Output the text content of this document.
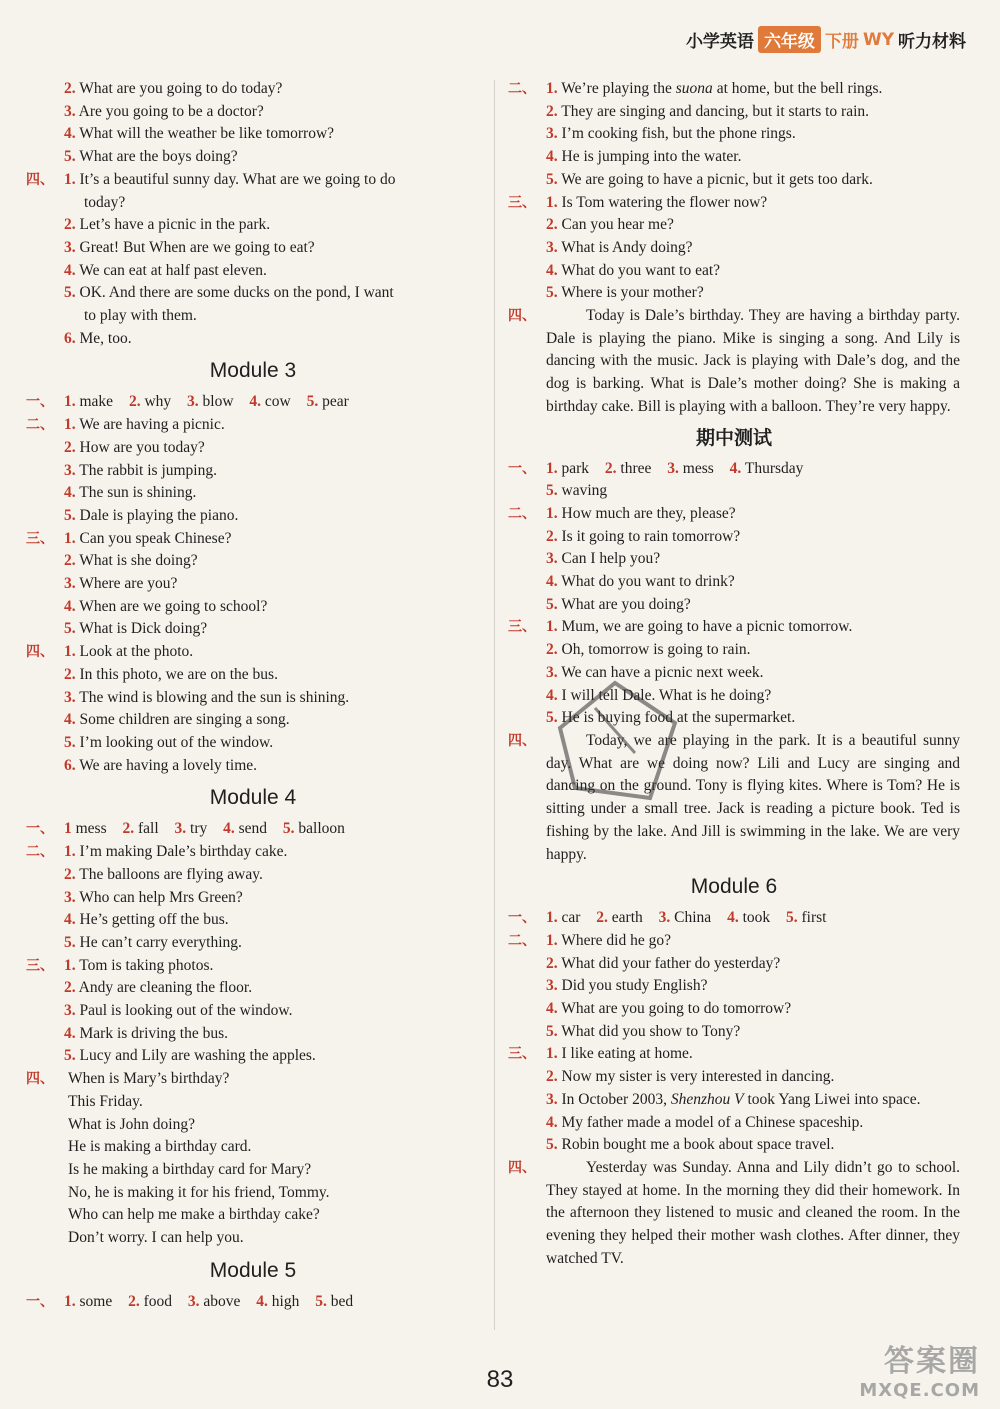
小学英语 六年级 下册 WY 听力材料
2. What are you going to do today?
3. Are you going to be a doctor?
4. What will the weather be like tomorrow?
5. What are the boys doing?
四、 1. It’s a beautiful sunny day. What are we going to do
today?
2. Let’s have a picnic in the park.
3. Great! But When are we going to eat?
4. We can eat at half past eleven.
5. OK. And there are some ducks on the pond, I want
to play with them.
6. Me, too.
Module 3
一、 1. make 2. why 3. blow 4. cow 5. pear
二、 1. We are having a picnic.
2. How are you today?
3. The rabbit is jumping.
4. The sun is shining.
5. Dale is playing the piano.
三、 1. Can you speak Chinese?
2. What is she doing?
3. Where are you?
4. When are we going to school?
5. What is Dick doing?
四、 1. Look at the photo.
2. In this photo, we are on the bus.
3. The wind is blowing and the sun is shining.
4. Some children are singing a song.
5. I’m looking out of the window.
6. We are having a lovely time.
Module 4
一、 1 mess 2. fall 3. try 4. send 5. balloon
二、 1. I’m making Dale’s birthday cake.
2. The balloons are flying away.
3. Who can help Mrs Green?
4. He’s getting off the bus.
5. He can’t carry everything.
三、 1. Tom is taking photos.
2. Andy are cleaning the floor.
3. Paul is looking out of the window.
4. Mark is driving the bus.
5. Lucy and Lily are washing the apples.
四、 When is Mary’s birthday?
This Friday.
What is John doing?
He is making a birthday card.
Is he making a birthday card for Mary?
No, he is making it for his friend, Tommy.
Who can help me make a birthday cake?
Don’t worry. I can help you.
Module 5
一、 1. some 2. food 3. above 4. high 5. bed
二、 1. We’re playing the suona at home, but the bell rings.
2. They are singing and dancing, but it starts to rain.
3. I’m cooking fish, but the phone rings.
4. He is jumping into the water.
5. We are going to have a picnic, but it gets too dark.
三、 1. Is Tom watering the flower now?
2. Can you hear me?
3. What is Andy doing?
4. What do you want to eat?
5. Where is your mother?
四、	Today is Dale’s birthday. They are having a birthday party. Dale is playing the piano. Mike is singing a song. And Lily is dancing with the music. Jack is playing with Dale’s dog, and the dog is barking. What is Dale’s mother doing? She is making a birthday cake. Bill is playing with a balloon. They’re very happy.
期中测试
一、 1. park 2. three 3. mess 4. Thursday
5. waving
二、 1. How much are they, please?
2. Is it going to rain tomorrow?
3. Can I help you?
4. What do you want to drink?
5. What are you doing?
三、 1. Mum, we are going to have a picnic tomorrow.
2. Oh, tomorrow is going to rain.
3. We can have a picnic next week.
4. I will tell Dale. What is he doing?
5. He is buying food at the supermarket.
四、	Today, we are playing in the park. It is a beautiful sunny day. What are we doing now? Lili and Lucy are singing and dancing on the ground. Tony is flying kites. Where is Tom? He is sitting under a small tree. Jack is reading a picture book. Ted is fishing by the lake. And Jill is swimming in the lake. We are very happy.
Module 6
一、 1. car 2. earth 3. China 4. took 5. first
二、 1. Where did he go?
2. What did your father do yesterday?
3. Did you study English?
4. What are you going to do tomorrow?
5. What did you show to Tony?
三、 1. I like eating at home.
2. Now my sister is very interested in dancing.
3. In October 2003, Shenzhou V took Yang Liwei into space.
4. My father made a model of a Chinese spaceship.
5. Robin bought me a book about space travel.
四、	Yesterday was Sunday. Anna and Lily didn’t go to school. They stayed at home. In the morning they did their homework. In the afternoon they listened to music and cleaned the room. In the evening they helped their mother wash clothes. After dinner, they watched TV.
83
答案圈
MXQE.COM
